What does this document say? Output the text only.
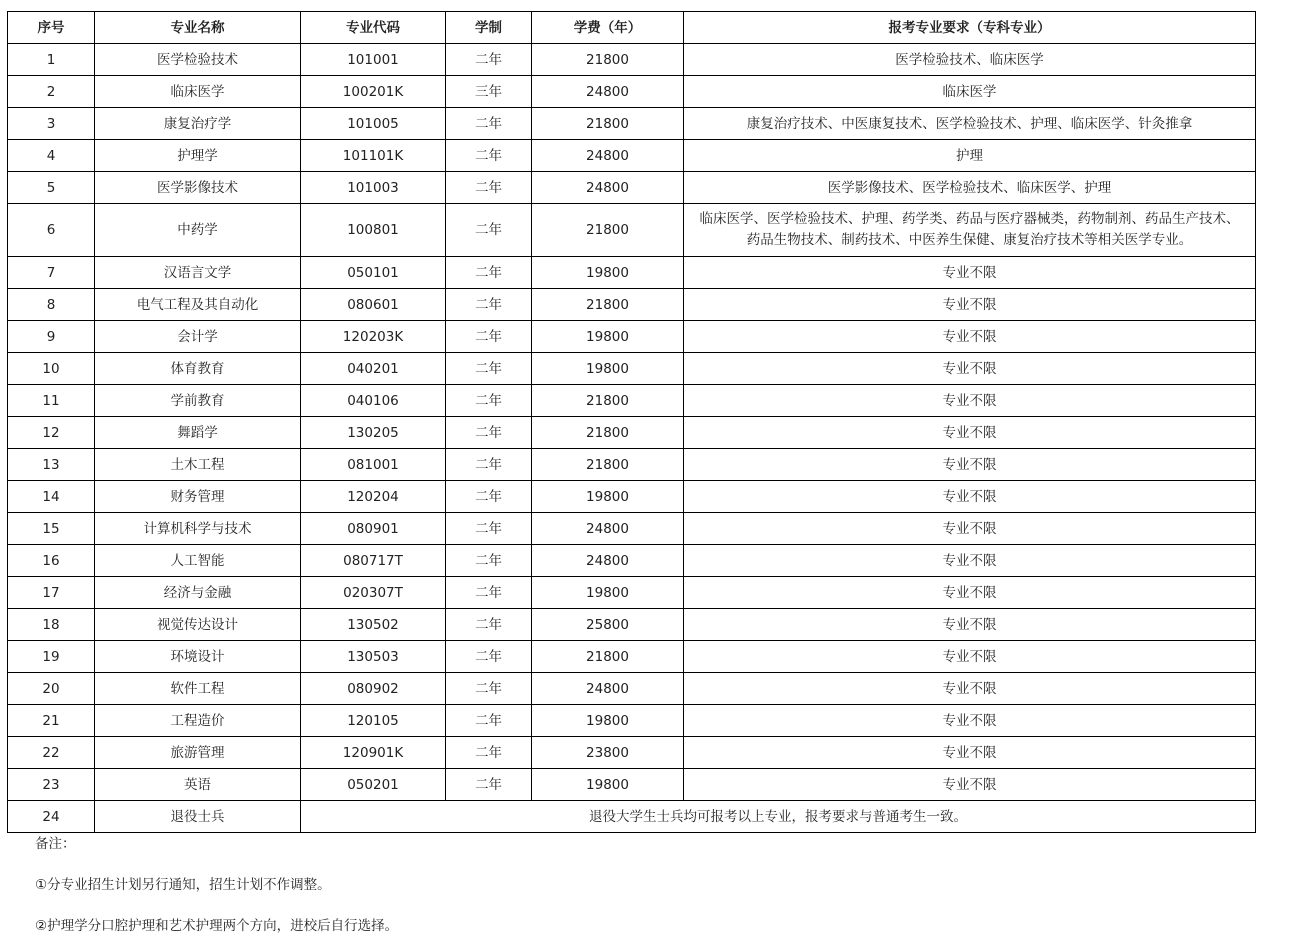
序号	专业名称	专业代码	学制	学费（年）	报考专业要求（专科专业）
1	医学检验技术	101001	二年	21800	医学检验技术、临床医学
2	临床医学	100201K	三年	24800	临床医学
3	康复治疗学	101005	二年	21800	康复治疗技术、中医康复技术、医学检验技术、护理、临床医学、针灸推拿
4	护理学	101101K	二年	24800	护理
5	医学影像技术	101003	二年	24800	医学影像技术、医学检验技术、临床医学、护理
6	中药学	100801	二年	21800	临床医学、医学检验技术、护理、药学类、药品与医疗器械类，药物制剂、药品生产技术、药品生物技术、制药技术、中医养生保健、康复治疗技术等相关医学专业。
7	汉语言文学	050101	二年	19800	专业不限
8	电气工程及其自动化	080601	二年	21800	专业不限
9	会计学	120203K	二年	19800	专业不限
10	体育教育	040201	二年	19800	专业不限
11	学前教育	040106	二年	21800	专业不限
12	舞蹈学	130205	二年	21800	专业不限
13	土木工程	081001	二年	21800	专业不限
14	财务管理	120204	二年	19800	专业不限
15	计算机科学与技术	080901	二年	24800	专业不限
16	人工智能	080717T	二年	24800	专业不限
17	经济与金融	020307T	二年	19800	专业不限
18	视觉传达设计	130502	二年	25800	专业不限
19	环境设计	130503	二年	21800	专业不限
20	软件工程	080902	二年	24800	专业不限
21	工程造价	120105	二年	19800	专业不限
22	旅游管理	120901K	二年	23800	专业不限
23	英语	050201	二年	19800	专业不限
24	退役士兵	退役大学生士兵均可报考以上专业，报考要求与普通考生一致。			

备注：

①分专业招生计划另行通知，招生计划不作调整。

②护理学分口腔护理和艺术护理两个方向，进校后自行选择。
